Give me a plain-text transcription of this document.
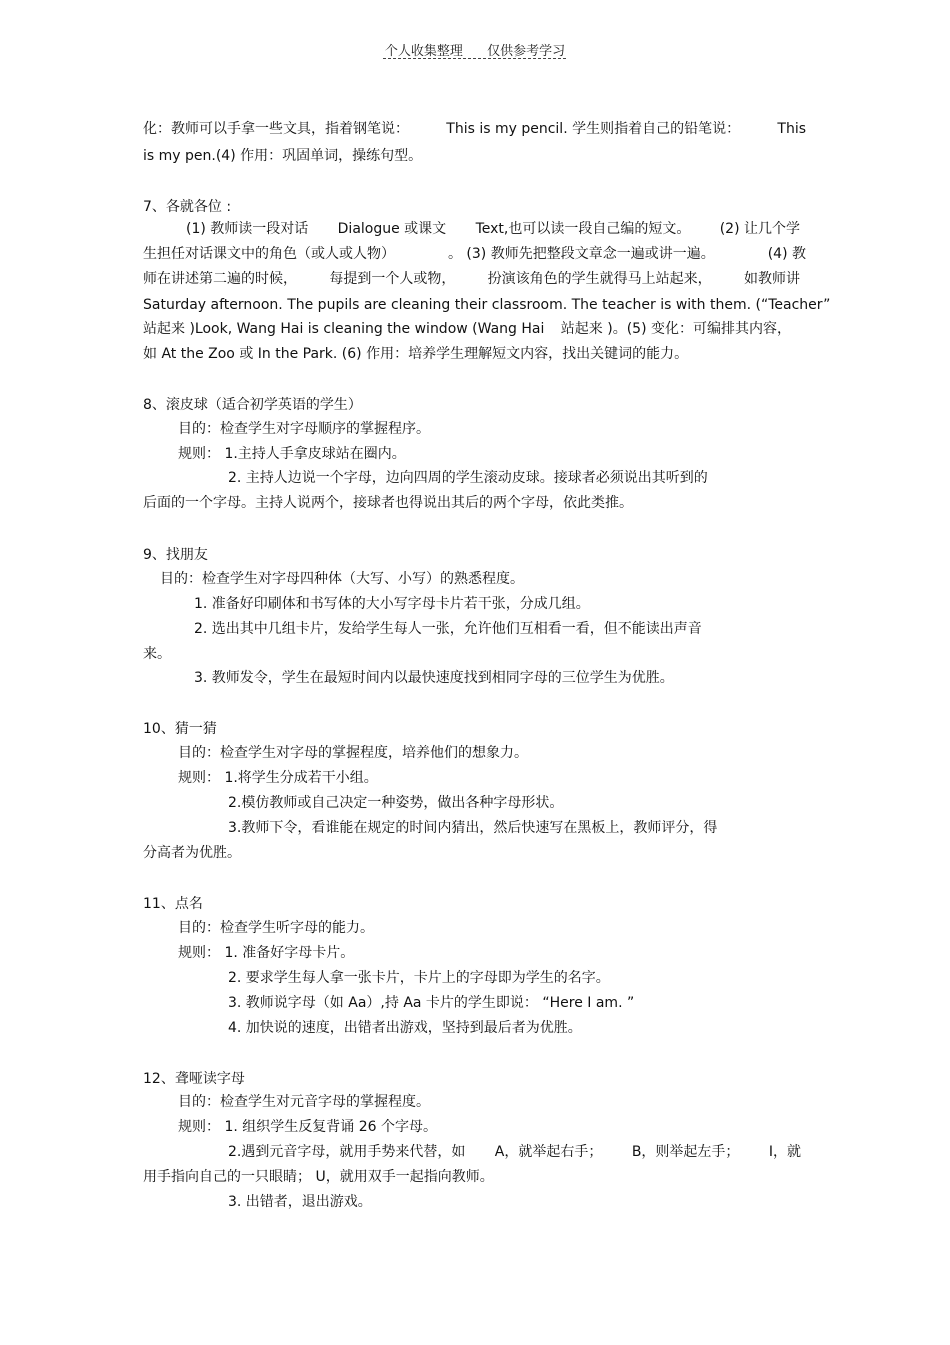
个人收集整理 仅供参考学习
化：教师可以手拿一些文具，指着钢笔说：	This is my pencil. 学生则指着自己的铅笔说：	This
is my pen.(4) 作用：巩固单词，操练句型。
7、各就各位 :
(1) 教师读一段对话 Dialogue 或课文 Text,也可以读一段自己编的短文。 (2) 让几个学
生担任对话课文中的角色（或人或人物）	。 (3) 教师先把整段文章念一遍或讲一遍。	(4) 教
师在讲述第二遍的时候， 每提到一个人或物， 扮演该角色的学生就得马上站起来， 如教师讲
Saturday afternoon. The pupils are cleaning their classroom. The teacher is with them. ( “Teacher”
站起来 )Look, Wang Hai is cleaning the window (Wang Hai 站起来 )。(5) 变化：可编排其内容，
如 At the Zoo 或 In the Park. (6) 作用：培养学生理解短文内容，找出关键词的能力。
8、滚皮球（适合初学英语的学生）
目的：检查学生对字母顺序的掌握程序。
规则： 1.主持人手拿皮球站在圈内。
2. 主持人边说一个字母，边向四周的学生滚动皮球。接球者必须说出其听到的
后面的一个字母。主持人说两个，接球者也得说出其后的两个字母，依此类推。
9、找朋友
目的：检查学生对字母四种体（大写、小写）的熟悉程度。
1. 准备好印刷体和书写体的大小写字母卡片若干张，分成几组。
2. 选出其中几组卡片，发给学生每人一张，允许他们互相看一看，但不能读出声音
来。
3. 教师发令，学生在最短时间内以最快速度找到相同字母的三位学生为优胜。
10、猜一猜
目的：检查学生对字母的掌握程度，培养他们的想象力。
规则： 1.将学生分成若干小组。
2.模仿教师或自己决定一种姿势，做出各种字母形状。
3.教师下令，看谁能在规定的时间内猜出，然后快速写在黑板上，教师评分，得
分高者为优胜。
11、点名
目的：检查学生听字母的能力。
规则： 1. 准备好字母卡片。
2. 要求学生每人拿一张卡片，卡片上的字母即为学生的名字。
3. 教师说字母（如 Aa）,持 Aa 卡片的学生即说： “Here I am. ”
4. 加快说的速度，出错者出游戏，坚持到最后者为优胜。
12、聋哑读字母
目的：检查学生对元音字母的掌握程度。
规则： 1. 组织学生反复背诵 26 个字母。
2.遇到元音字母，就用手势来代替，如 A，就举起右手； B，则举起左手； I，就
用手指向自己的一只眼睛； U，就用双手一起指向教师。
3. 出错者，退出游戏。
